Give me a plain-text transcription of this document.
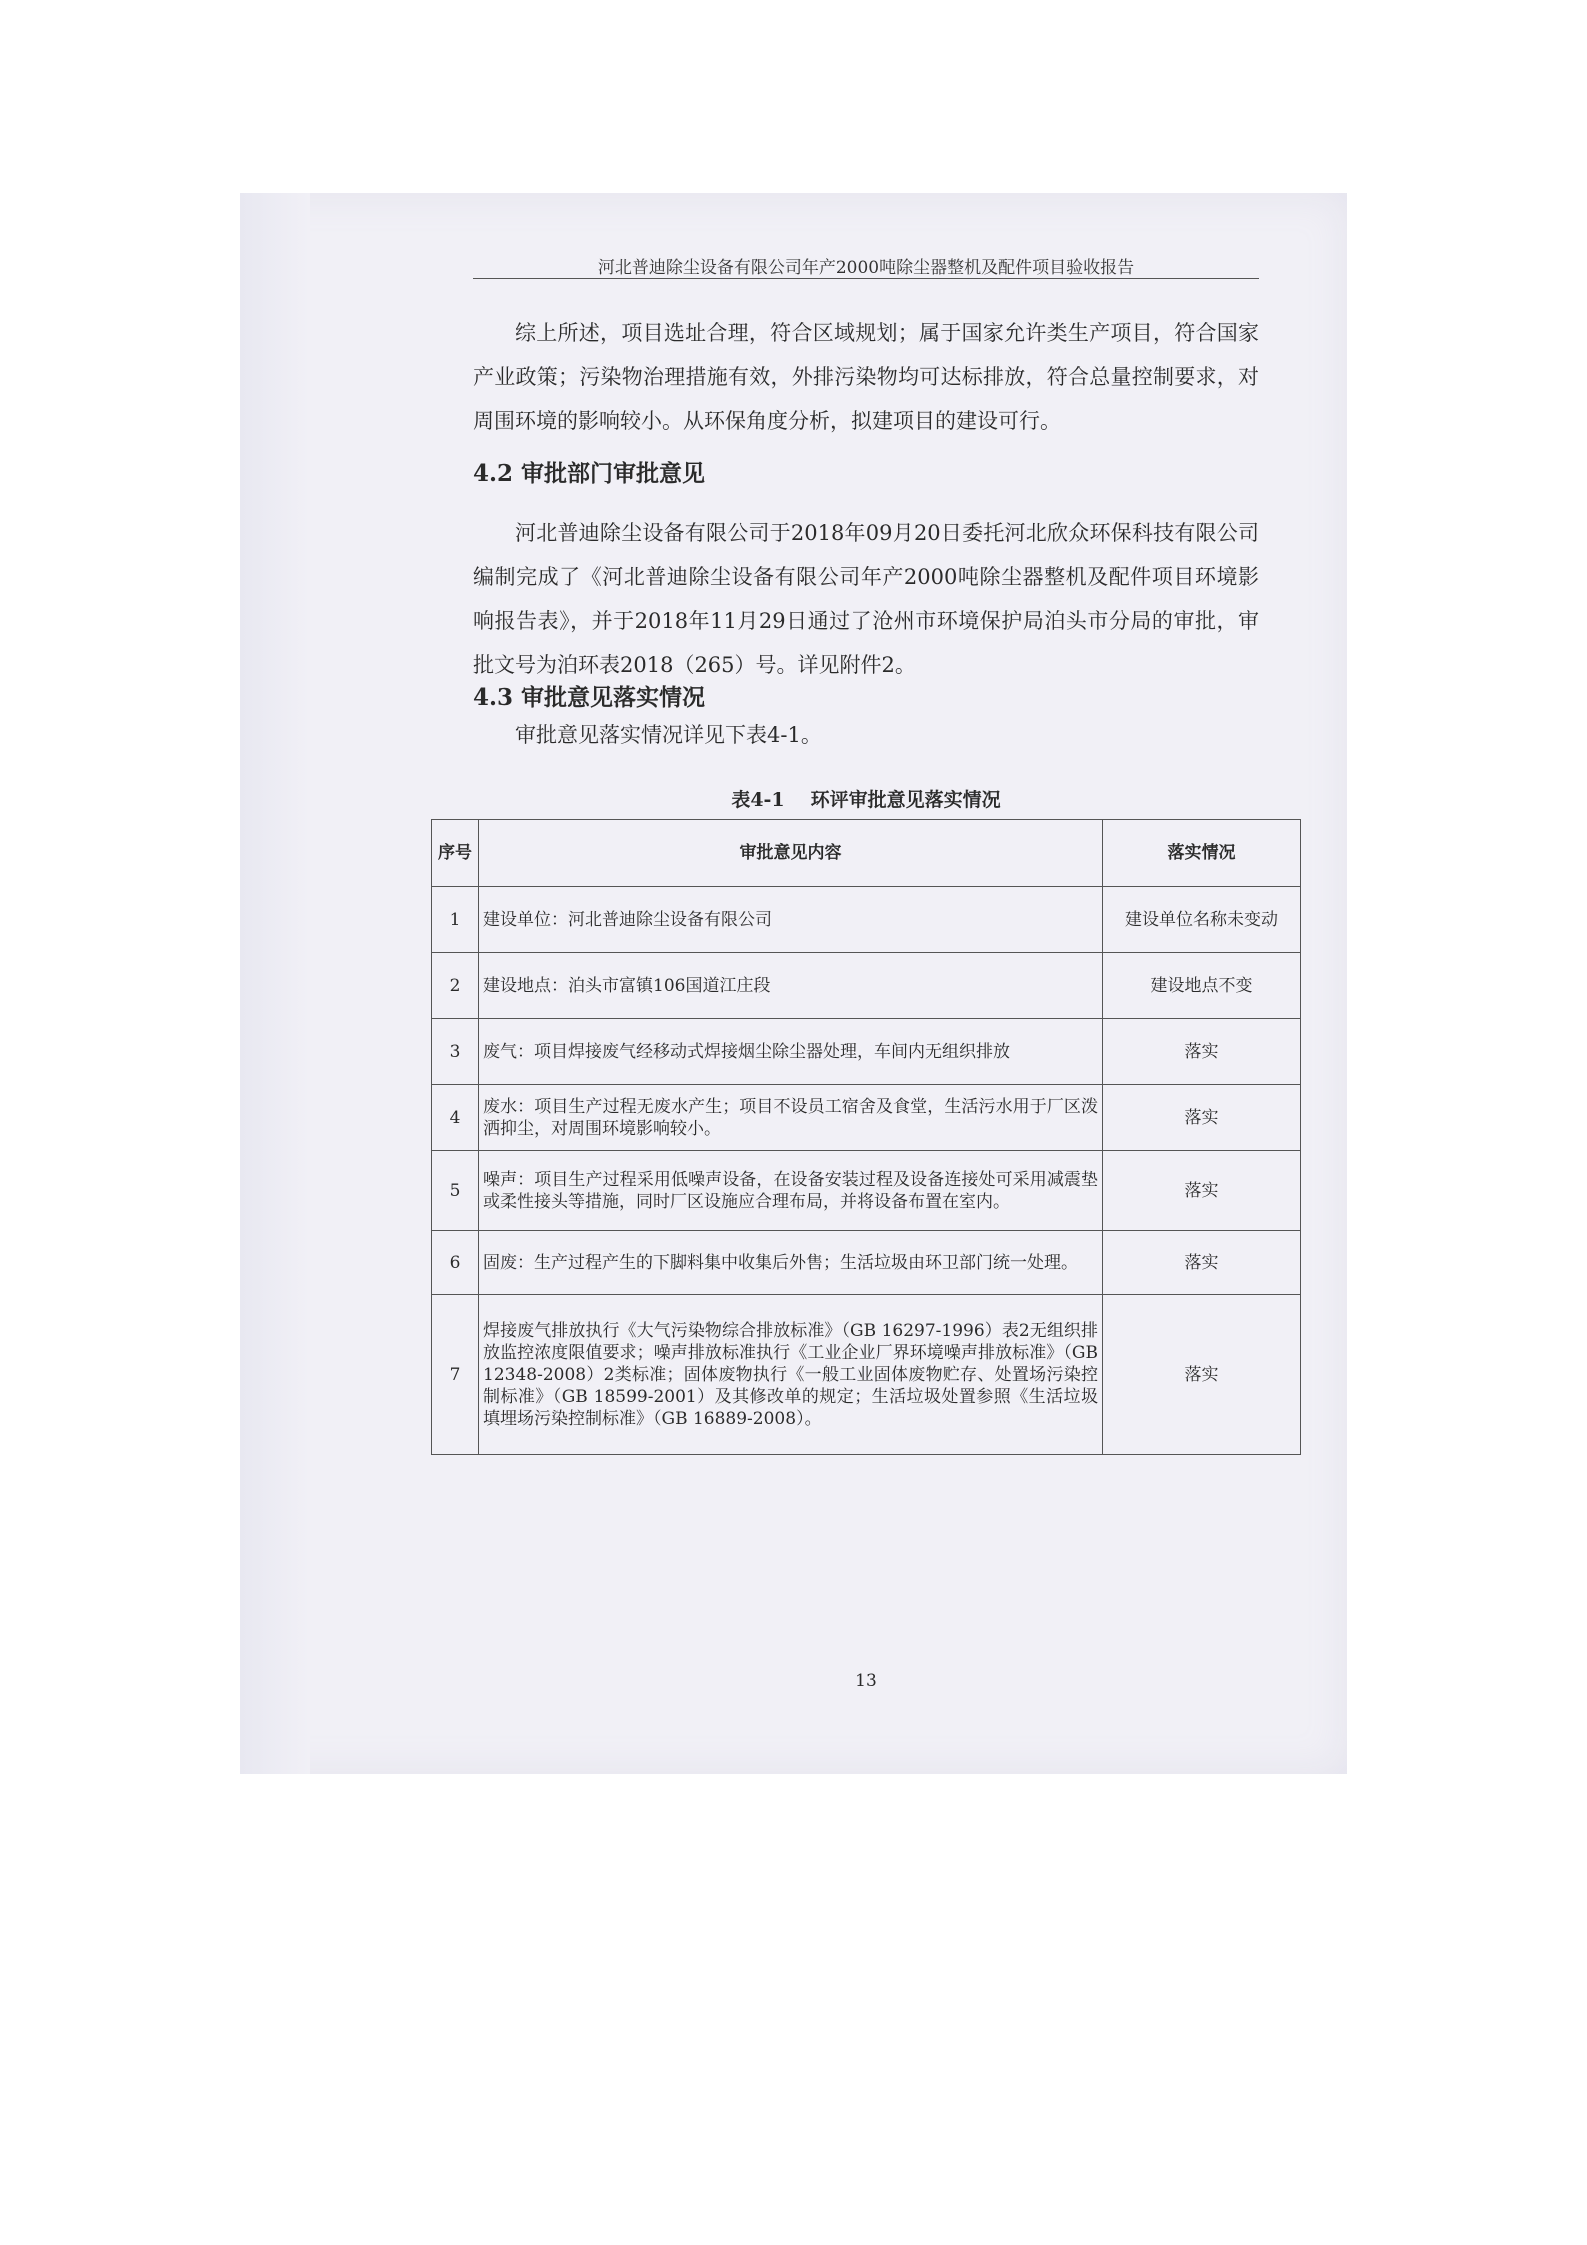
河北普迪除尘设备有限公司年产2000吨除尘器整机及配件项目验收报告

综上所述，项目选址合理，符合区域规划；属于国家允许类生产项目，符合国家产业政策；污染物治理措施有效，外排污染物均可达标排放，符合总量控制要求，对周围环境的影响较小。从环保角度分析，拟建项目的建设可行。

4.2 审批部门审批意见

河北普迪除尘设备有限公司于2018年09月20日委托河北欣众环保科技有限公司编制完成了《河北普迪除尘设备有限公司年产2000吨除尘器整机及配件项目环境影响报告表》，并于2018年11月29日通过了沧州市环境保护局泊头市分局的审批，审批文号为泊环表2018（265）号。详见附件2。

4.3 审批意见落实情况

审批意见落实情况详见下表4-1。

表4-1 环评审批意见落实情况
序号	审批意见内容	落实情况
1	建设单位：河北普迪除尘设备有限公司	建设单位名称未变动
2	建设地点：泊头市富镇106国道江庄段	建设地点不变
3	废气：项目焊接废气经移动式焊接烟尘除尘器处理，车间内无组织排放	落实
4	废水：项目生产过程无废水产生；项目不设员工宿舍及食堂，生活污水用于厂区泼洒抑尘，对周围环境影响较小。	落实
5	噪声：项目生产过程采用低噪声设备，在设备安装过程及设备连接处可采用减震垫或柔性接头等措施，同时厂区设施应合理布局，并将设备布置在室内。	落实
6	固废：生产过程产生的下脚料集中收集后外售；生活垃圾由环卫部门统一处理。	落实
7	焊接废气排放执行《大气污染物综合排放标准》（GB 16297-1996）表2无组织排放监控浓度限值要求；噪声排放标准执行《工业企业厂界环境噪声排放标准》（GB 12348-2008）2类标准；固体废物执行《一般工业固体废物贮存、处置场污染控制标准》（GB 18599-2001）及其修改单的规定；生活垃圾处置参照《生活垃圾填埋场污染控制标准》（GB 16889-2008）。	落实
13
